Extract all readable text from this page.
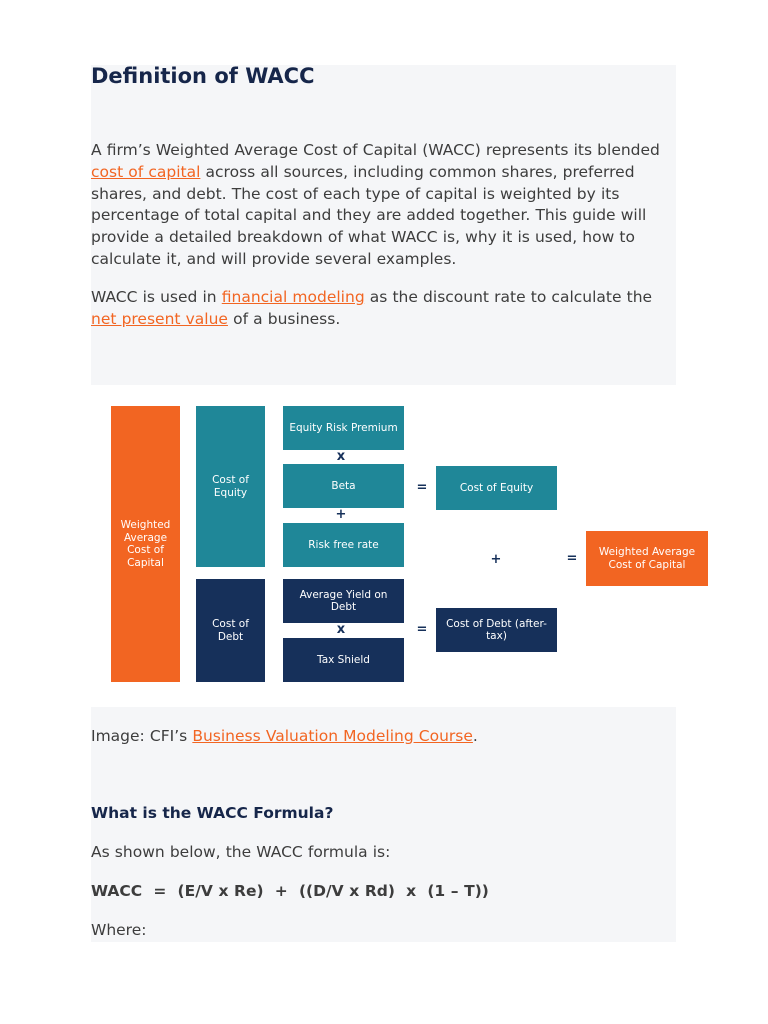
Definition of WACC

A firm’s Weighted Average Cost of Capital (WACC) represents its blended cost of capital across all sources, including common shares, preferred shares, and debt. The cost of each type of capital is weighted by its percentage of total capital and they are added together. This guide will provide a detailed breakdown of what WACC is, why it is used, how to calculate it, and will provide several examples.

WACC is used in financial modeling as the discount rate to calculate the net present value of a business.

Weighted Average Cost of Capital
Cost of Equity
Cost of Debt
Equity Risk Premium
x
Beta
+
Risk free rate
Average Yield on Debt
x
Tax Shield
=	Cost of Equity
=	Cost of Debt (after-tax)
+	=	Weighted Average Cost of Capital

Image: CFI’s Business Valuation Modeling Course.

What is the WACC Formula?

As shown below, the WACC formula is:

WACC  =  (E/V x Re)  +  ((D/V x Rd)  x  (1 – T))

Where:
